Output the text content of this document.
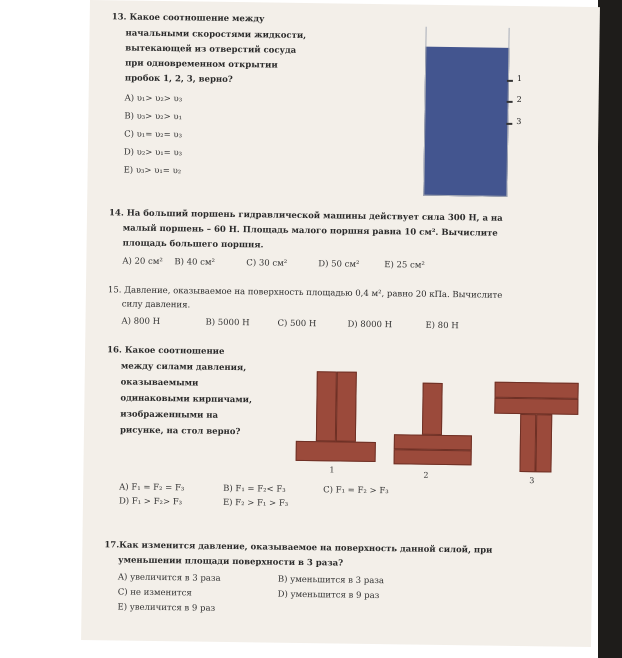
13. Какое соотношение между
начальными скоростями жидкости,
вытекающей из отверстий сосуда
при одновременном открытии
пробок 1, 2, 3, верно?
A) υ₁> υ₂> υ₃
B) υ₃> υ₂> υ₁
C) υ₁= υ₂= υ₃
D) υ₂> υ₁= υ₃
E) υ₃> υ₁= υ₂
1
2
3
14. На больший поршень гидравлической машины действует сила 300 Н, а на
малый поршень – 60 Н. Площадь малого поршня равна 10 см². Вычислите
площадь большего поршня.
A) 20 см² B) 40 см²	C) 30 см²	D) 50 см²	E) 25 см²
15. Давление, оказываемое на поверхность площадью 0,4 м², равно 20 кПа. Вычислите
силу давления.
A) 800 Н	B) 5000 Н	C) 500 Н	D) 8000 Н	E) 80 Н
16. Какое соотношение
между силами давления,
оказываемыми
одинаковыми кирпичами,
изображенными на
рисунке, на стол верно?
1
2
3
A) F₁ = F₂ = F₃	B) F₁ = F₂< F₃	C) F₁ = F₂ > F₃
D) F₁ > F₂> F₃	E) F₂ > F₁ > F₃
17.Как изменится давление, оказываемое на поверхность данной силой, при
уменьшении площади поверхности в 3 раза?
A) увеличится в 3 раза	B) уменьшится в 3 раза
C) не изменится	D) уменьшится в 9 раз
E) увеличится в 9 раз
